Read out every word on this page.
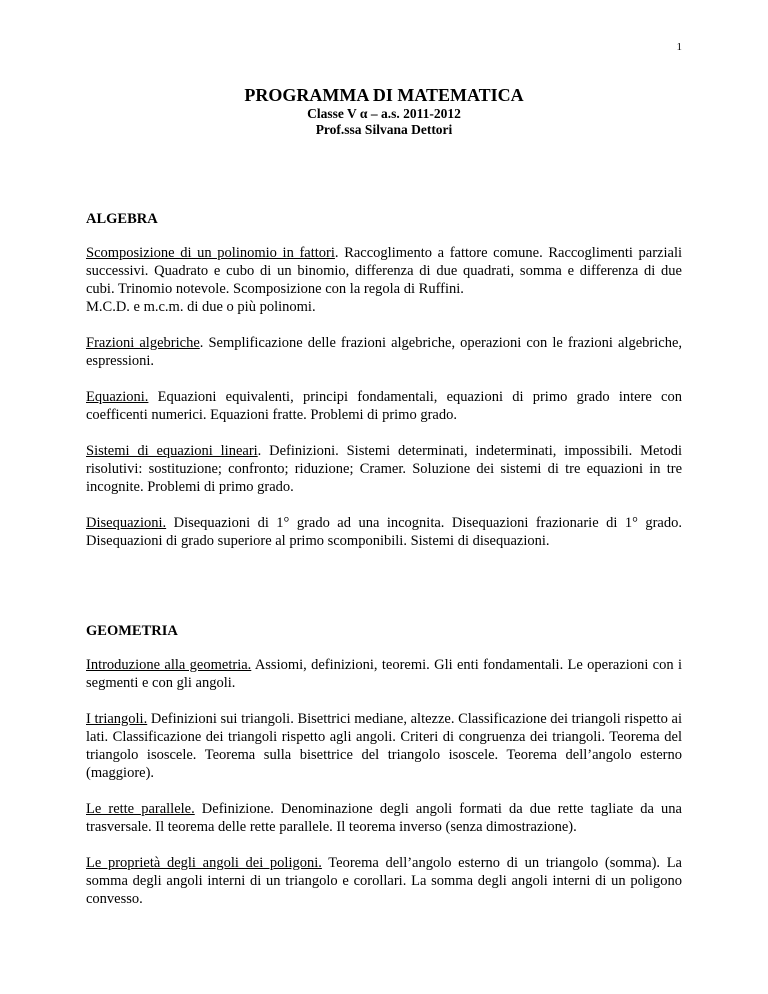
1

PROGRAMMA DI MATEMATICA

Classe V α – a.s. 2011-2012

Prof.ssa Silvana Dettori

ALGEBRA

Scomposizione di un polinomio in fattori. Raccoglimento a fattore comune. Raccoglimenti parziali successivi. Quadrato e cubo di un binomio, differenza di due quadrati, somma e differenza di due cubi. Trinomio notevole. Scomposizione con la regola di Ruffini.

M.C.D. e m.c.m. di due o più polinomi.

Frazioni algebriche. Semplificazione delle frazioni algebriche, operazioni con le frazioni algebriche, espressioni.

Equazioni. Equazioni equivalenti, principi fondamentali, equazioni di primo grado intere con coefficenti numerici. Equazioni fratte. Problemi di primo grado.

Sistemi di equazioni lineari. Definizioni. Sistemi determinati, indeterminati, impossibili. Metodi risolutivi: sostituzione; confronto; riduzione; Cramer. Soluzione dei sistemi di tre equazioni in tre incognite. Problemi di primo grado.

Disequazioni. Disequazioni di 1° grado ad una incognita. Disequazioni frazionarie di 1° grado. Disequazioni di grado superiore al primo scomponibili. Sistemi di disequazioni.

GEOMETRIA

Introduzione alla geometria. Assiomi, definizioni, teoremi. Gli enti fondamentali. Le operazioni con i segmenti e con gli angoli.

I triangoli. Definizioni sui triangoli. Bisettrici mediane, altezze. Classificazione dei triangoli rispetto ai lati. Classificazione dei triangoli rispetto agli angoli. Criteri di congruenza dei triangoli. Teorema del triangolo isoscele. Teorema sulla bisettrice del triangolo isoscele. Teorema dell’angolo esterno (maggiore).

Le rette parallele. Definizione. Denominazione degli angoli formati da due rette tagliate da una trasversale. Il teorema delle rette parallele. Il teorema inverso (senza dimostrazione).

Le proprietà degli angoli dei poligoni. Teorema dell’angolo esterno di un triangolo (somma). La somma degli angoli interni di un triangolo e corollari. La somma degli angoli interni di un poligono convesso.
